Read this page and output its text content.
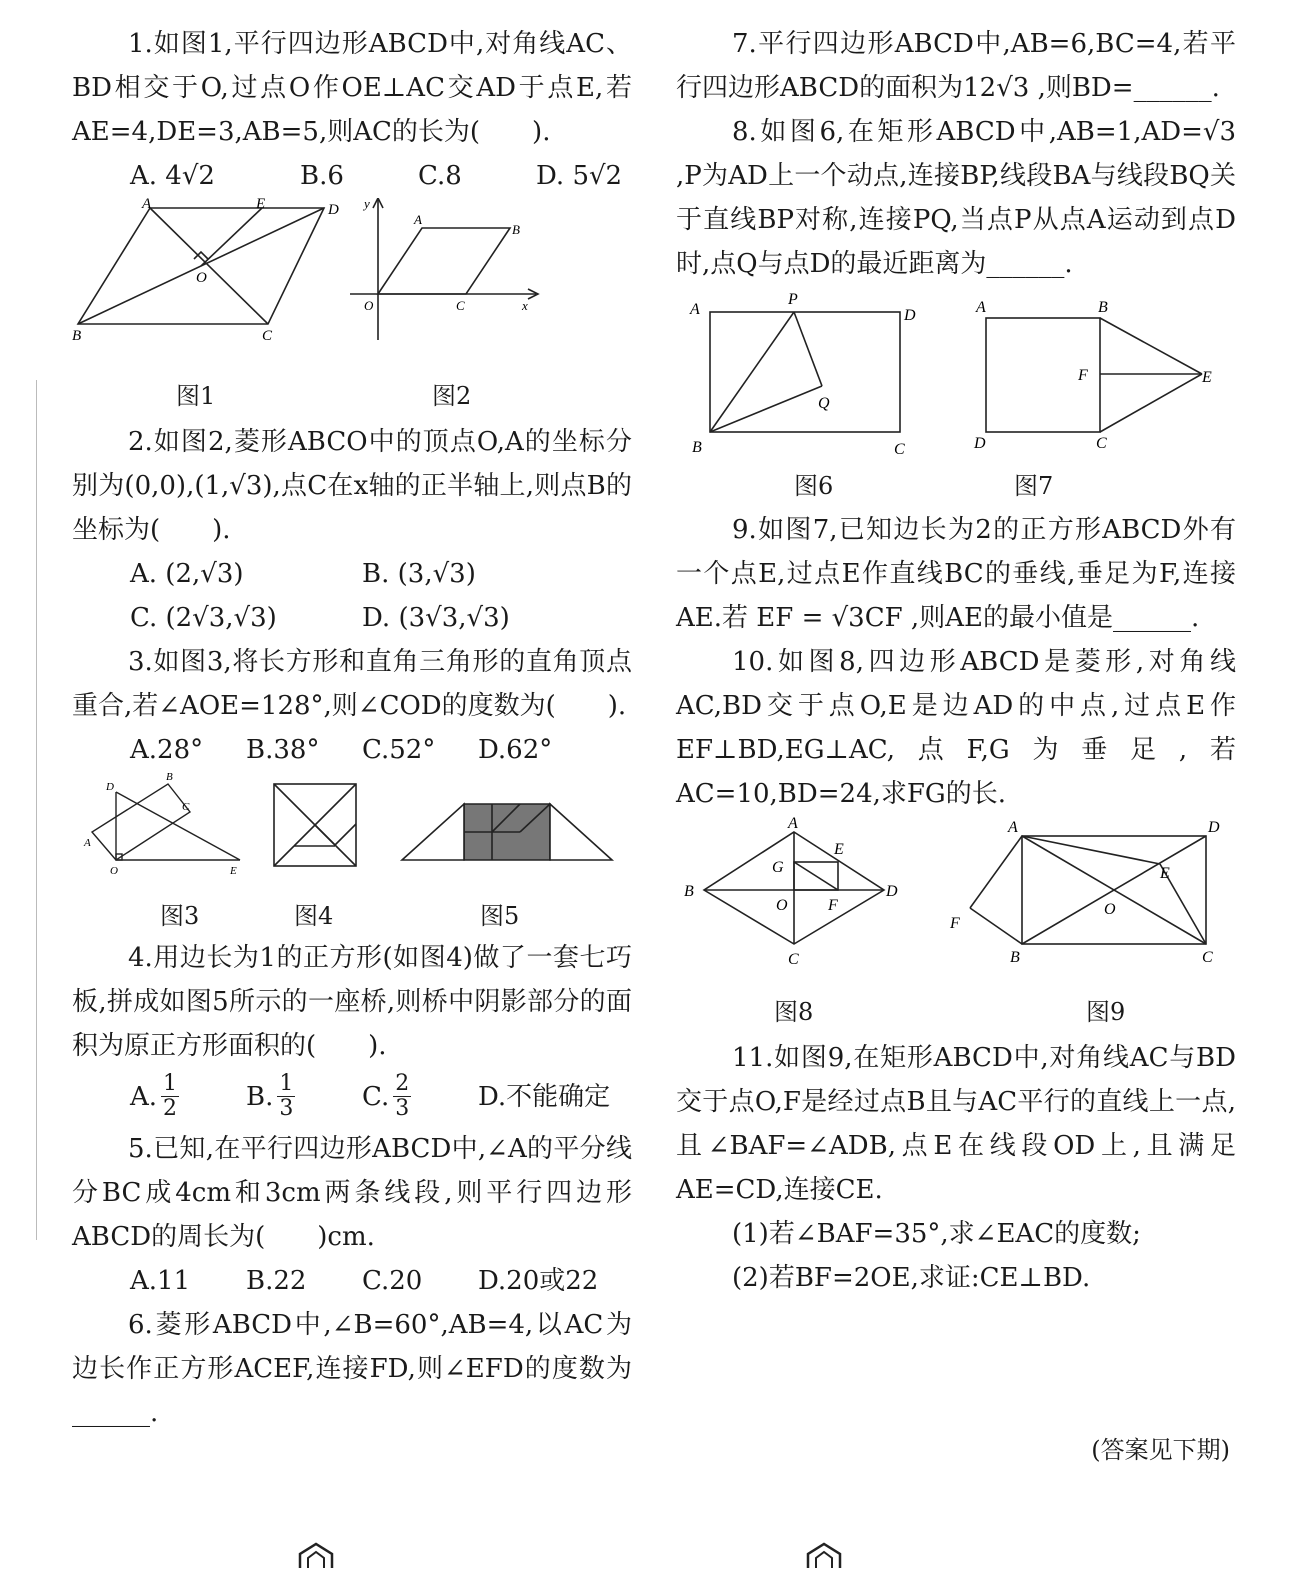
1.如图1,平行四边形ABCD中,对角线AC、BD相交于O,过点O作OE⊥AC交AD于点E,若AE=4,DE=3,AB=5,则AC的长为(　　).

A. 4√2	B.6	C.8	D. 5√2
A	E	D
O
B	C
y
A
B
O	C	x
图1	图2

2.如图2,菱形ABCO中的顶点O,A的坐标分别为(0,0),(1,√3),点C在x轴的正半轴上,则点B的坐标为(　　).

A. (2,√3)	B. (3,√3)
C. (2√3,√3)	D. (3√3,√3)

3.如图3,将长方形和直角三角形的直角顶点重合,若∠AOE=128°,则∠COD的度数为(　　).

A.28°	B.38°	C.52°	D.62°
D
B
C
A
O	E
图3	图4	图5

4.用边长为1的正方形(如图4)做了一套七巧板,拼成如图5所示的一座桥,则桥中阴影部分的面积为原正方形面积的(　　).

A. $\frac{1}{2}$	B. $\frac{1}{3}$	C. $\frac{2}{3}$	D.不能确定

5.已知,在平行四边形ABCD中,∠A的平分线分BC成4cm和3cm两条线段,则平行四边形ABCD的周长为(　　)cm.

A.11	B.22	C.20	D.20或22

6.菱形ABCD中,∠B=60°,AB=4,以AC为边长作正方形ACEF,连接FD,则∠EFD的度数为______.

7.平行四边形ABCD中,AB=6,BC=4,若平行四边形ABCD的面积为12√3 ,则BD=______.

8.如图6,在矩形ABCD中,AB=1,AD=√3 ,P为AD上一个动点,连接BP,线段BA与线段BQ关于直线BP对称,连接PQ,当点P从点A运动到点D时,点Q与点D的最近距离为______.

A
P
D
Q
B	C
A	B
F	E
D	C
图6	图7

9.如图7,已知边长为2的正方形ABCD外有一个点E,过点E作直线BC的垂线,垂足为F,连接AE.若 EF = √3CF ,则AE的最小值是______.

10.如图8,四边形ABCD是菱形,对角线AC,BD交于点O,E是边AD的中点,过点E作EF⊥BD,EG⊥AC,点F,G为垂足,若AC=10,BD=24,求FG的长.

A
G
E
B
O	F
D
C
A	D
E
O
F
B	C
图8	图9

11.如图9,在矩形ABCD中,对角线AC与BD交于点O,F是经过点B且与AC平行的直线上一点,且∠BAF=∠ADB,点E在线段OD上,且满足AE=CD,连接CE.

(1)若∠BAF=35°,求∠EAC的度数;

(2)若BF=2OE,求证:CE⊥BD.

(答案见下期)
